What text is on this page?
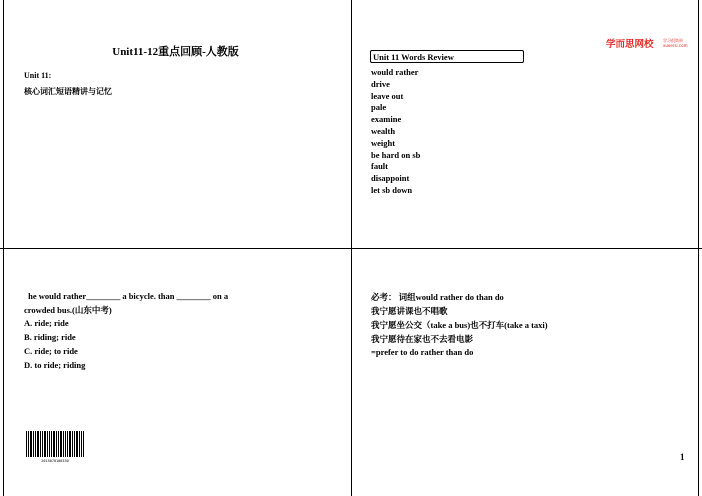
Unit11-12重点回顾-人教版
Unit 11:
核心词汇短语精讲与记忆
学而思网校 学习很简单
xueersi.com
Unit 11 Words Review
would rather
drive
leave out
pale
examine
wealth
weight
be hard on sb
fault
disappoint
let sb down
he would rather________ a bicycle. than ________ on a
crowded bus.(山东中考)
A. ride; ride
B. riding; ride
C. ride; to ride
D. to ride; riding
2015070100330
必考： 词组would rather do than do
我宁愿讲课也不唱歌
我宁愿坐公交（take a bus)也不打车(take a taxi)
我宁愿待在家也不去看电影
=prefer to do rather than do
1
